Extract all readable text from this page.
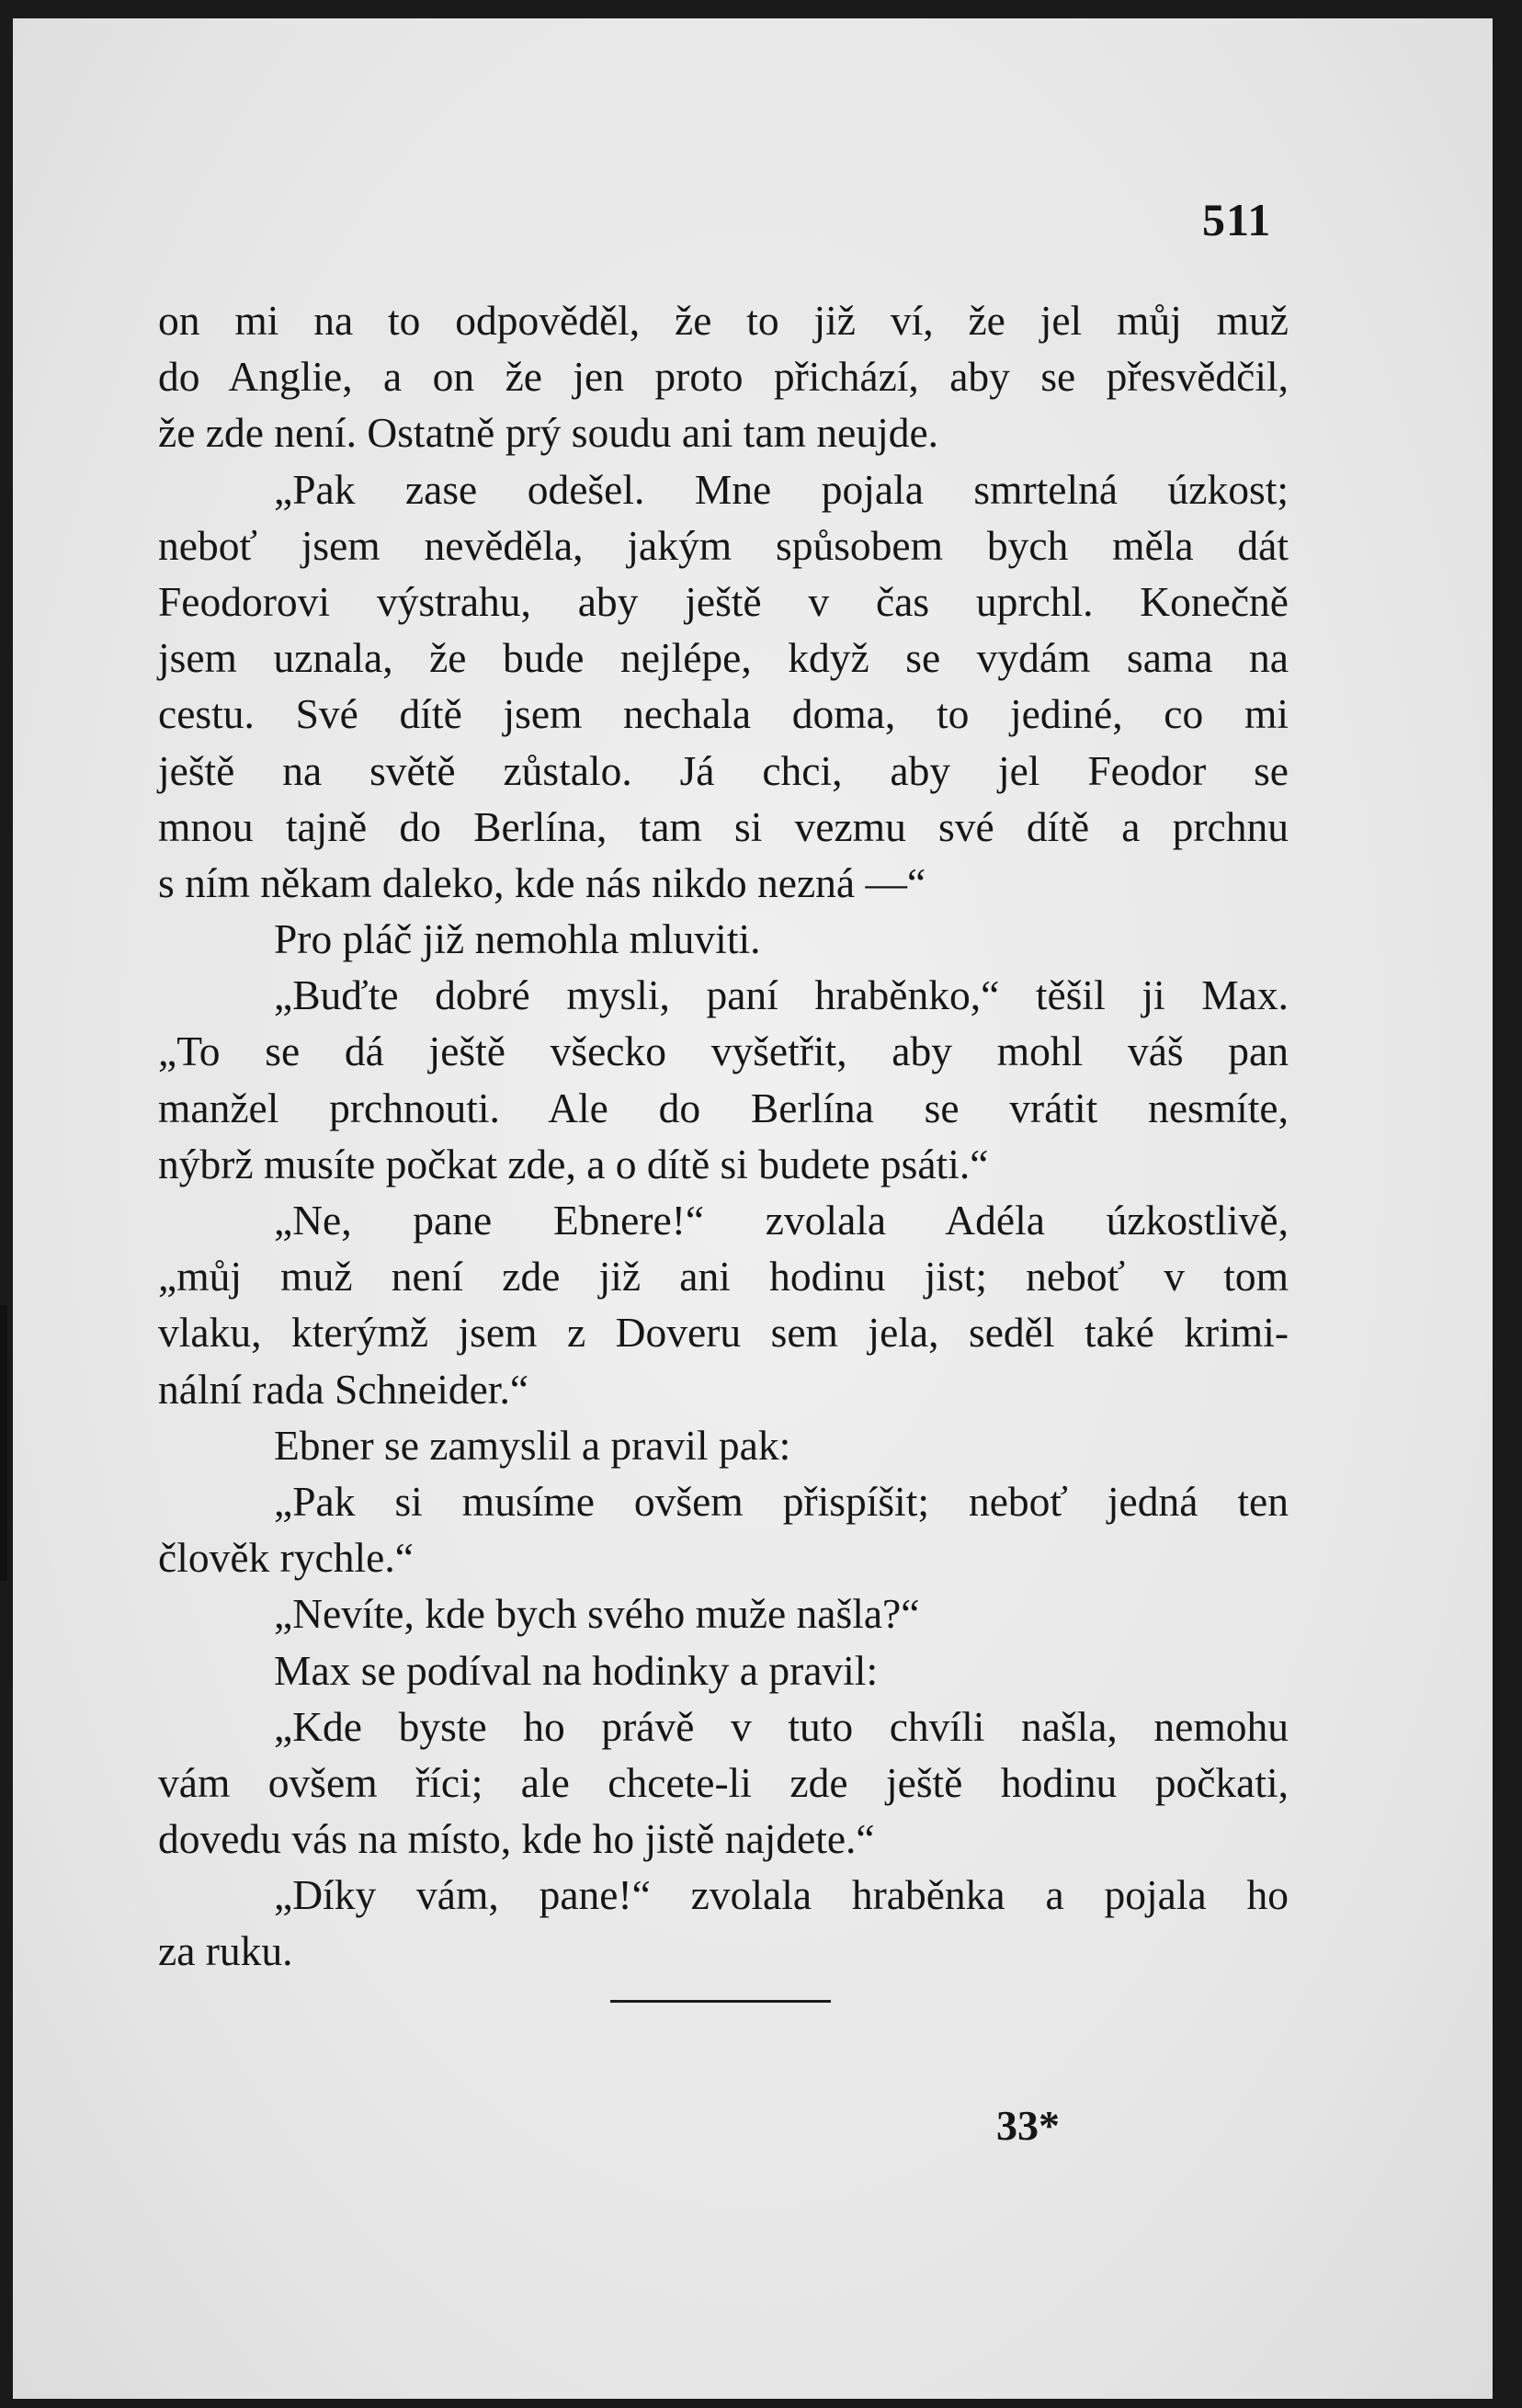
511
on mi na to odpověděl, že to již ví, že jel můj muž
do Anglie, a on že jen proto přichází, aby se přesvědčil,
že zde není. Ostatně prý soudu ani tam neujde.
„Pak zase odešel. Mne pojala smrtelná úzkost;
neboť jsem nevěděla, jakým spůsobem bych měla dát
Feodorovi výstrahu, aby ještě v čas uprchl. Konečně
jsem uznala, že bude nejlépe, když se vydám sama na
cestu. Své dítě jsem nechala doma, to jediné, co mi
ještě na světě zůstalo. Já chci, aby jel Feodor se
mnou tajně do Berlína, tam si vezmu své dítě a prchnu
s ním někam daleko, kde nás nikdo nezná —“
Pro pláč již nemohla mluviti.
„Buďte dobré mysli, paní hraběnko,“ těšil ji Max.
„To se dá ještě všecko vyšetřit, aby mohl váš pan
manžel prchnouti. Ale do Berlína se vrátit nesmíte,
nýbrž musíte počkat zde, a o dítě si budete psáti.“
„Ne, pane Ebnere!“ zvolala Adéla úzkostlivě,
„můj muž není zde již ani hodinu jist; neboť v tom
vlaku, kterýmž jsem z Doveru sem jela, seděl také krimi-
nální rada Schneider.“
Ebner se zamyslil a pravil pak:
„Pak si musíme ovšem přispíšit; neboť jedná ten
člověk rychle.“
„Nevíte, kde bych svého muže našla?“
Max se podíval na hodinky a pravil:
„Kde byste ho právě v tuto chvíli našla, nemohu
vám ovšem říci; ale chcete-li zde ještě hodinu počkati,
dovedu vás na místo, kde ho jistě najdete.“
„Díky vám, pane!“ zvolala hraběnka a pojala ho
za ruku.
33*
